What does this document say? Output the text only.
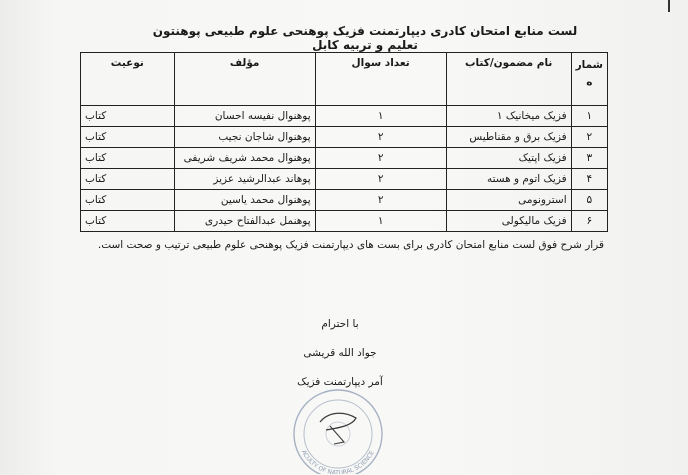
لست منابع امتحان کادری دیپارتمنت فزیک پوهنحی علوم طبیعی پوهنتون تعلیم و تربیه کابل
شمار ه	نام مضمون/کتاب	تعداد سوال	مؤلف	نوعیت
۱	فزیک میخانیک ۱	۱	پوهنوال نفیسه احسان	کتاب
۲	فزیک برق و مقناطیس	۲	پوهنوال شاجان نجیب	کتاب
۳	فزیک اپتیک	۲	پوهنوال محمد شریف شریفی	کتاب
۴	فزیک اتوم و هسته	۲	پوهاند عبدالرشید عزیز	کتاب
۵	استرونومی	۲	پوهنوال محمد یاسین	کتاب
۶	فزیک مالیکولی	۱	پوهنمل عبدالفتاح حیدری	کتاب
قرار شرح فوق لست منابع امتحان کادری برای بست های دیپارتمنت فزیک پوهنحی علوم طبیعی ترتیب و صحت است.
با احترام
جواد الله قریشی
آمر دیپارتمنت فزیک
ACULTY OF NATURAL SCIENCE
